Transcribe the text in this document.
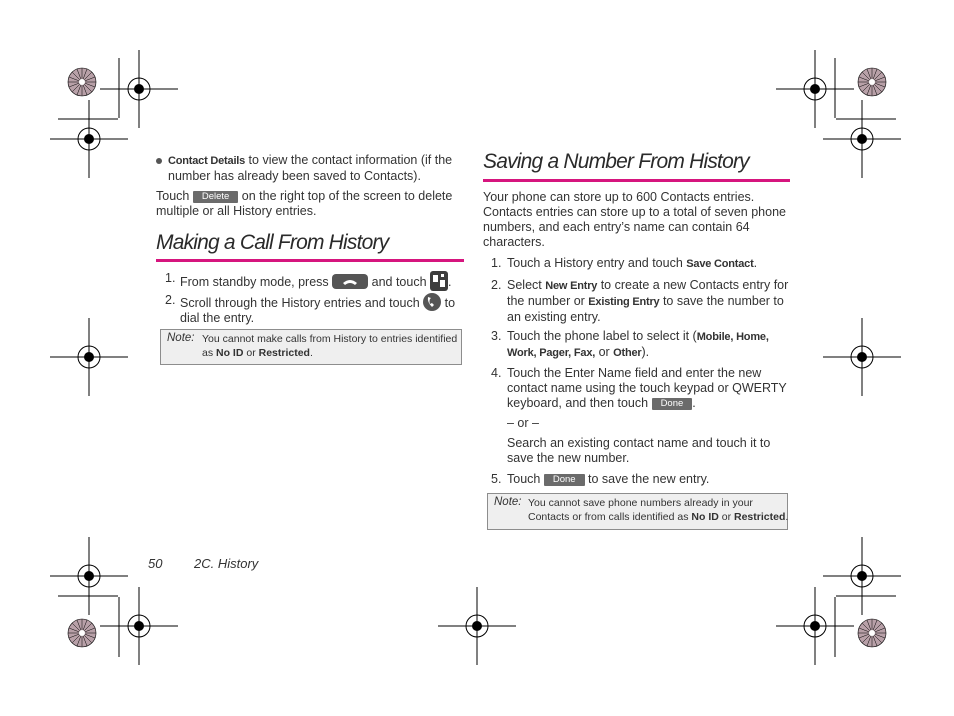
Contact Details to view the contact information (if the
number has already been saved to Contacts).
Touch Delete on the right top of the screen to delete
multiple or all History entries.
Making a Call From History
1. From standby mode, press	and touch
.
2. Scroll through the History entries and touch
to
dial the entry.
Note: You cannot make calls from History to entries identified
as No ID or Restricted.
Saving a Number From History
Your phone can store up to 600 Contacts entries.
Contacts entries can store up to a total of seven phone
numbers, and each entry’s name can contain 64
characters.
1. Touch a History entry and touch Save Contact.
2. Select New Entry to create a new Contacts entry for
the number or Existing Entry to save the number to
an existing entry.
3. Touch the phone label to select it (Mobile, Home,
Work, Pager, Fax, or Other).
4. Touch the Enter Name field and enter the new
contact name using the touch keypad or QWERTY
keyboard, and then touch Done .
– or –
Search an existing contact name and touch it to
save the new number.
5. Touch Done to save the new entry.
Note: You cannot save phone numbers already in your
Contacts or from calls identified as No ID or Restricted.
50 2C. History
